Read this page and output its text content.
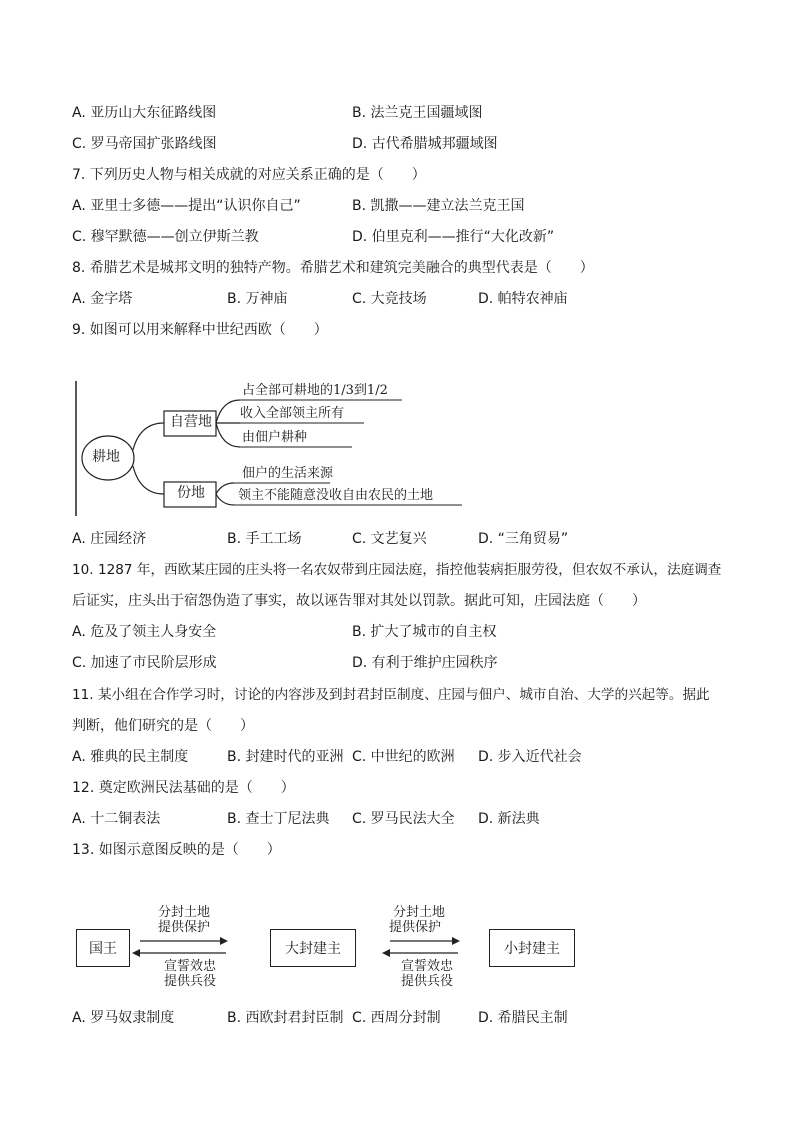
A. 亚历山大东征路线图	B. 法兰克王国疆域图
C. 罗马帝国扩张路线图	D. 古代希腊城邦疆域图
7. 下列历史人物与相关成就的对应关系正确的是（　　）
A. 亚里士多德——提出“认识你自己”	B. 凯撒——建立法兰克王国
C. 穆罕默德——创立伊斯兰教	D. 伯里克利——推行“大化改新”
8. 希腊艺术是城邦文明的独特产物。希腊艺术和建筑完美融合的典型代表是（　　）
A. 金字塔	B. 万神庙	C. 大竞技场	D. 帕特农神庙
9. 如图可以用来解释中世纪西欧（　　）
耕地
自营地
份地
占全部可耕地的1/3到1/2
收入全部领主所有
由佃户耕种
佃户的生活来源
领主不能随意没收自由农民的土地
A. 庄园经济	B. 手工工场	C. 文艺复兴	D. “三角贸易”
10. 1287 年，西欧某庄园的庄头将一名农奴带到庄园法庭，指控他装病拒服劳役，但农奴不承认，法庭调查
后证实，庄头出于宿怨伪造了事实，故以诬告罪对其处以罚款。据此可知，庄园法庭（　　）
A. 危及了领主人身安全	B. 扩大了城市的自主权
C. 加速了市民阶层形成	D. 有利于维护庄园秩序
11. 某小组在合作学习时，讨论的内容涉及到封君封臣制度、庄园与佃户、城市自治、大学的兴起等。据此
判断，他们研究的是（　　）
A. 雅典的民主制度	B. 封建时代的亚洲 C. 中世纪的欧洲 D. 步入近代社会
12. 奠定欧洲民法基础的是（　　）
A. 十二铜表法	B. 查士丁尼法典 C. 罗马民法大全 D. 新法典
13. 如图示意图反映的是（　　）
国王	大封建主	小封建主
分封土地
提供保护
宣誓效忠
提供兵役
分封土地
提供保护
宣誓效忠
提供兵役
A. 罗马奴隶制度	B. 西欧封君封臣制 C. 西周分封制	D. 希腊民主制
